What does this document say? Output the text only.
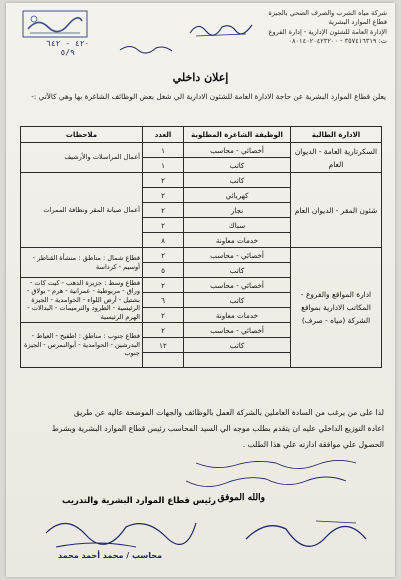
شركة مياه الشرب والصرف الصحي بالجيزة
قطاع الموارد البشرية
الإدارة العامة للشئون الإدارية - إدارة الفروع
ت: ٣٥٧٤١٦٣١٩ - ٠٨٠١٤٠٢٠٤٢٣٢٠٠
٤٢٠ - ٦٤٢
٥/٩
إعلان داخلي
يعلن قطاع الموارد البشرية عن حاجة الادارة العامة للشئون الادارية الي شغل بعض الوظائف الشاغرة بها وهي كالآتي :-
الادارة الطالبة	الوظيفة الشاغرة المطلوبة	العدد	ملاحظات
السكرتارية العامة - الديوان العام	أخصائي - محاسب	١	أعمال المراسلات والأرشيف
	كاتب	١	
شئون المقر - الديوان العام	كاتب	٢	أعمال صيانة المقر ونظافة الممرات
	كهربائي	٢	
	نجار	٢	
	سباك	٢	
	خدمات معاونة	٨	
ادارة المواقع والفروع - المكاتب الادارية بمواقع الشركة (مياه - صرف)	أخصائي - محاسب	٢	قطاع شمال : مناطق : منشأة القناطر - أوسيم - كرداسة
	كاتب	٥	
	أخصائي - محاسب	٢	قطاع وسط : جزيرة الدهب - كيت كات - وراق - مريوطية - عمرانية - هرم - بولاق - بشتيل - أرض اللواء - الحوامدية - الجيزة الرئيسية - الطرود والترميمات - البدالات - الهرم الرئيسية
	كاتب	٦	
	خدمات معاونة	٢	
	أخصائي - محاسب	٢	قطاع جنوب : مناطق : اطفيح - العياط - البدرشين - الحوامدية - أبوالنمرس - الجيزة جنوب
	كاتب	١٢	

لذا على من يرغب من السادة العاملين بالشركة العمل بالوظائف والجهات الموضحة عاليه عن طريق
اعادة التوزيع الداخلي عليه ان يتقدم بطلب موجه الي السيد المحاسب رئيس قطاع الموارد البشرية وبشرط
الحصول علي موافقة ادارته علي هذا الطلب .
والله الموفق
رئيس قطاع الموارد البشرية والتدريب
محاسب / محمد أحمد محمد
